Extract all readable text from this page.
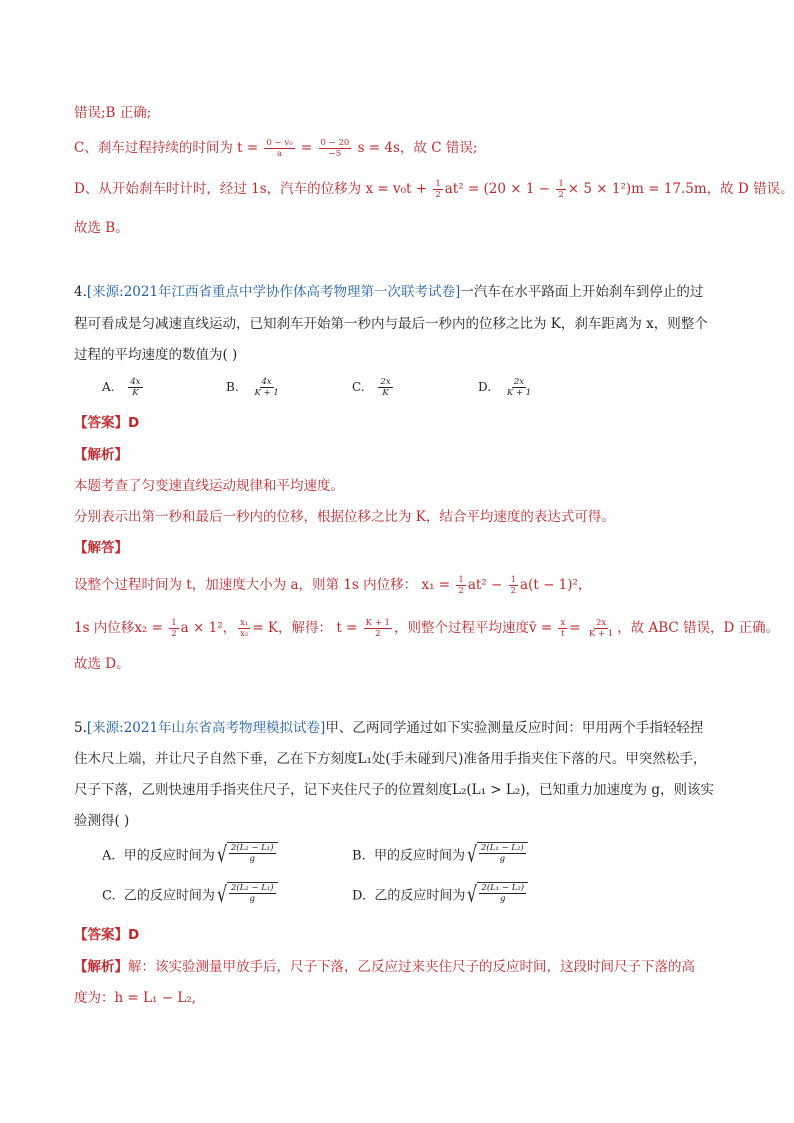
错误;B 正确;
C、刹车过程持续的时间为 $t = \frac{\text{0 − v₀}}{a} = \frac{0 - 20}{-5}$ s = 4s，故 C 错误;
D、从开始刹车时计时，经过 1s，汽车的位移为 $x = v_0t + \frac{1}{2} at^2 = (20 \times 1 - \frac{1}{2} \times 5 \times 1^2)m = 17.5m$，故 D 错误。
故选 B。
4.[来源:2021年江西省重点中学协作体高考物理第一次联考试卷]一汽车在水平路面上开始刹车到停止的过
程可看成是匀减速直线运动，已知刹车开始第一秒内与最后一秒内的位移之比为 K，刹车距离为 x，则整个
过程的平均速度的数值为( )
A. $\frac{4x}{K}$	B. $\frac{4x}{K + 1}$	C. $\frac{2x}{K}$	D. $\frac{2x}{K + 1}$
【答案】D
【解析】
本题考查了匀变速直线运动规律和平均速度。
分别表示出第一秒和最后一秒内的位移，根据位移之比为 K，结合平均速度的表达式可得。
【解答】
设整个过程时间为 t，加速度大小为 a，则第 1s 内位移： $x_1 = \frac{1}{2} at^2 - \frac{1}{2} a(t - 1)^2$，
1s 内位移$x_2 = \frac{1}{2}$ a × 1²， $\frac{\text{x₁}}{\text{x₂}} = K$，解得： $t = \frac{K + 1}{2}$ ，则整个过程平均速度v̄ = $\frac{x}{t} = \frac{2x}{K + 1}$ ，故 ABC 错误，D 正确。
故选 D。
5.[来源:2021年山东省高考物理模拟试卷]甲、乙两同学通过如下实验测量反应时间：甲用两个手指轻轻捏
住木尺上端，并让尺子自然下垂，乙在下方刻度L₁处(手未碰到尺)准备用手指夹住下落的尺。甲突然松手，
尺子下落，乙则快速用手指夹住尺子，记下夹住尺子的位置刻度L₂(L₁ > L₂)，已知重力加速度为 g，则该实
验测得( )
A. 甲的反应时间为 √ $\frac{\text{2(L₂ − L₁)}}{g}$	B. 甲的反应时间为 √ $\frac{\text{2(L₁ − L₂)}}{g}$
C. 乙的反应时间为 √ $\frac{\text{2(L₂ − L₁)}}{g}$	D. 乙的反应时间为 √ $\frac{\text{2(L₁ − L₂)}}{g}$
【答案】D
【解析】解：该实验测量甲放手后，尺子下落，乙反应过来夹住尺子的反应时间，这段时间尺子下落的高
度为：h = L₁ − L₂,
